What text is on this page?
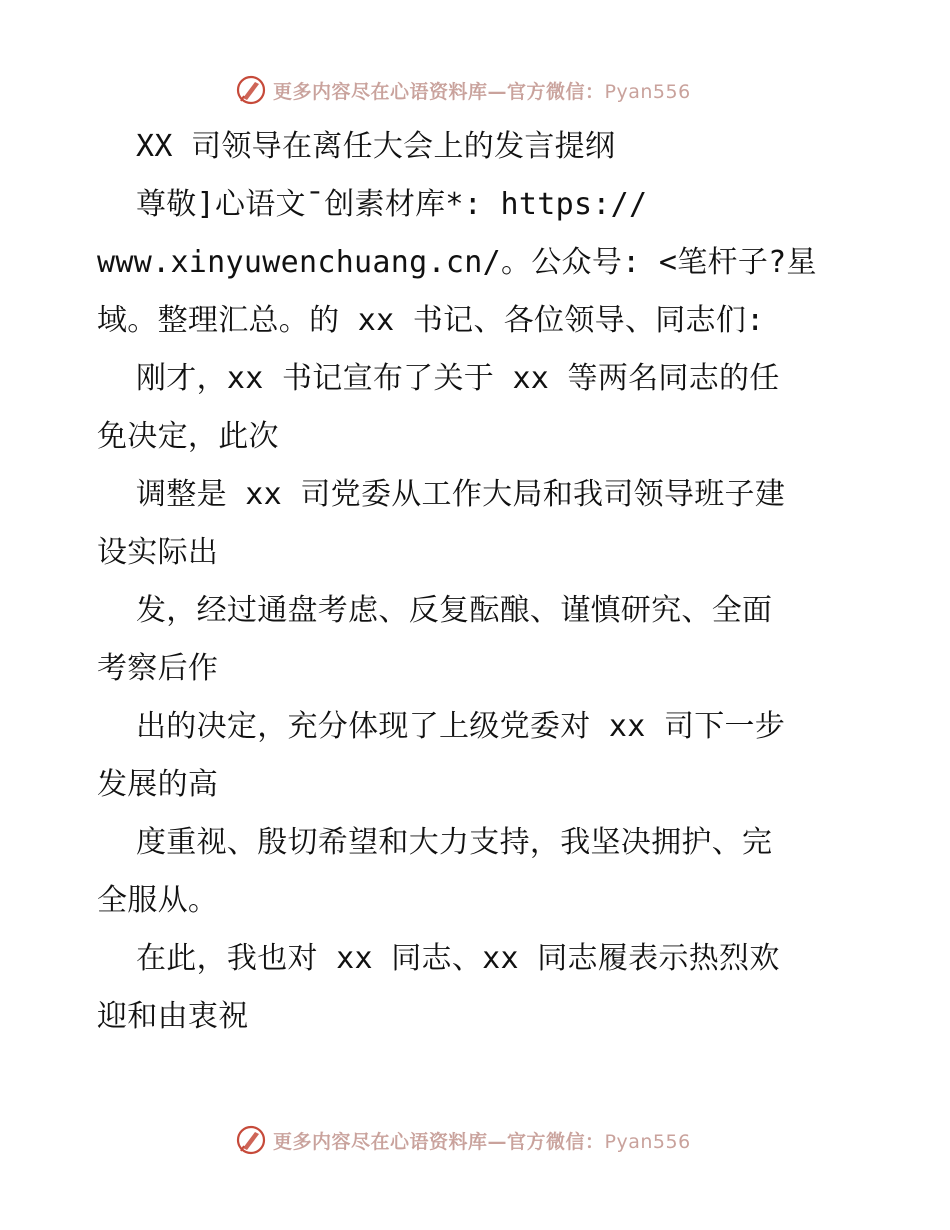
更多内容尽在心语资料库—官方微信：Pyan556
XX 司领导在离任大会上的发言提纲
尊敬]心语文¯创素材库*: https://
www.xinyuwenchuang.cn/。公众号: <笔杆子?星
域。整理汇总。的 xx 书记、各位领导、同志们:
刚才，xx 书记宣布了关于 xx 等两名同志的任
免决定，此次
调整是 xx 司党委从工作大局和我司领导班子建
设实际出
发，经过通盘考虑、反复酝酿、谨慎研究、全面
考察后作
出的决定，充分体现了上级党委对 xx 司下一步
发展的高
度重视、殷切希望和大力支持，我坚决拥护、完
全服从。
在此，我也对 xx 同志、xx 同志履表示热烈欢
迎和由衷祝
更多内容尽在心语资料库—官方微信：Pyan556
